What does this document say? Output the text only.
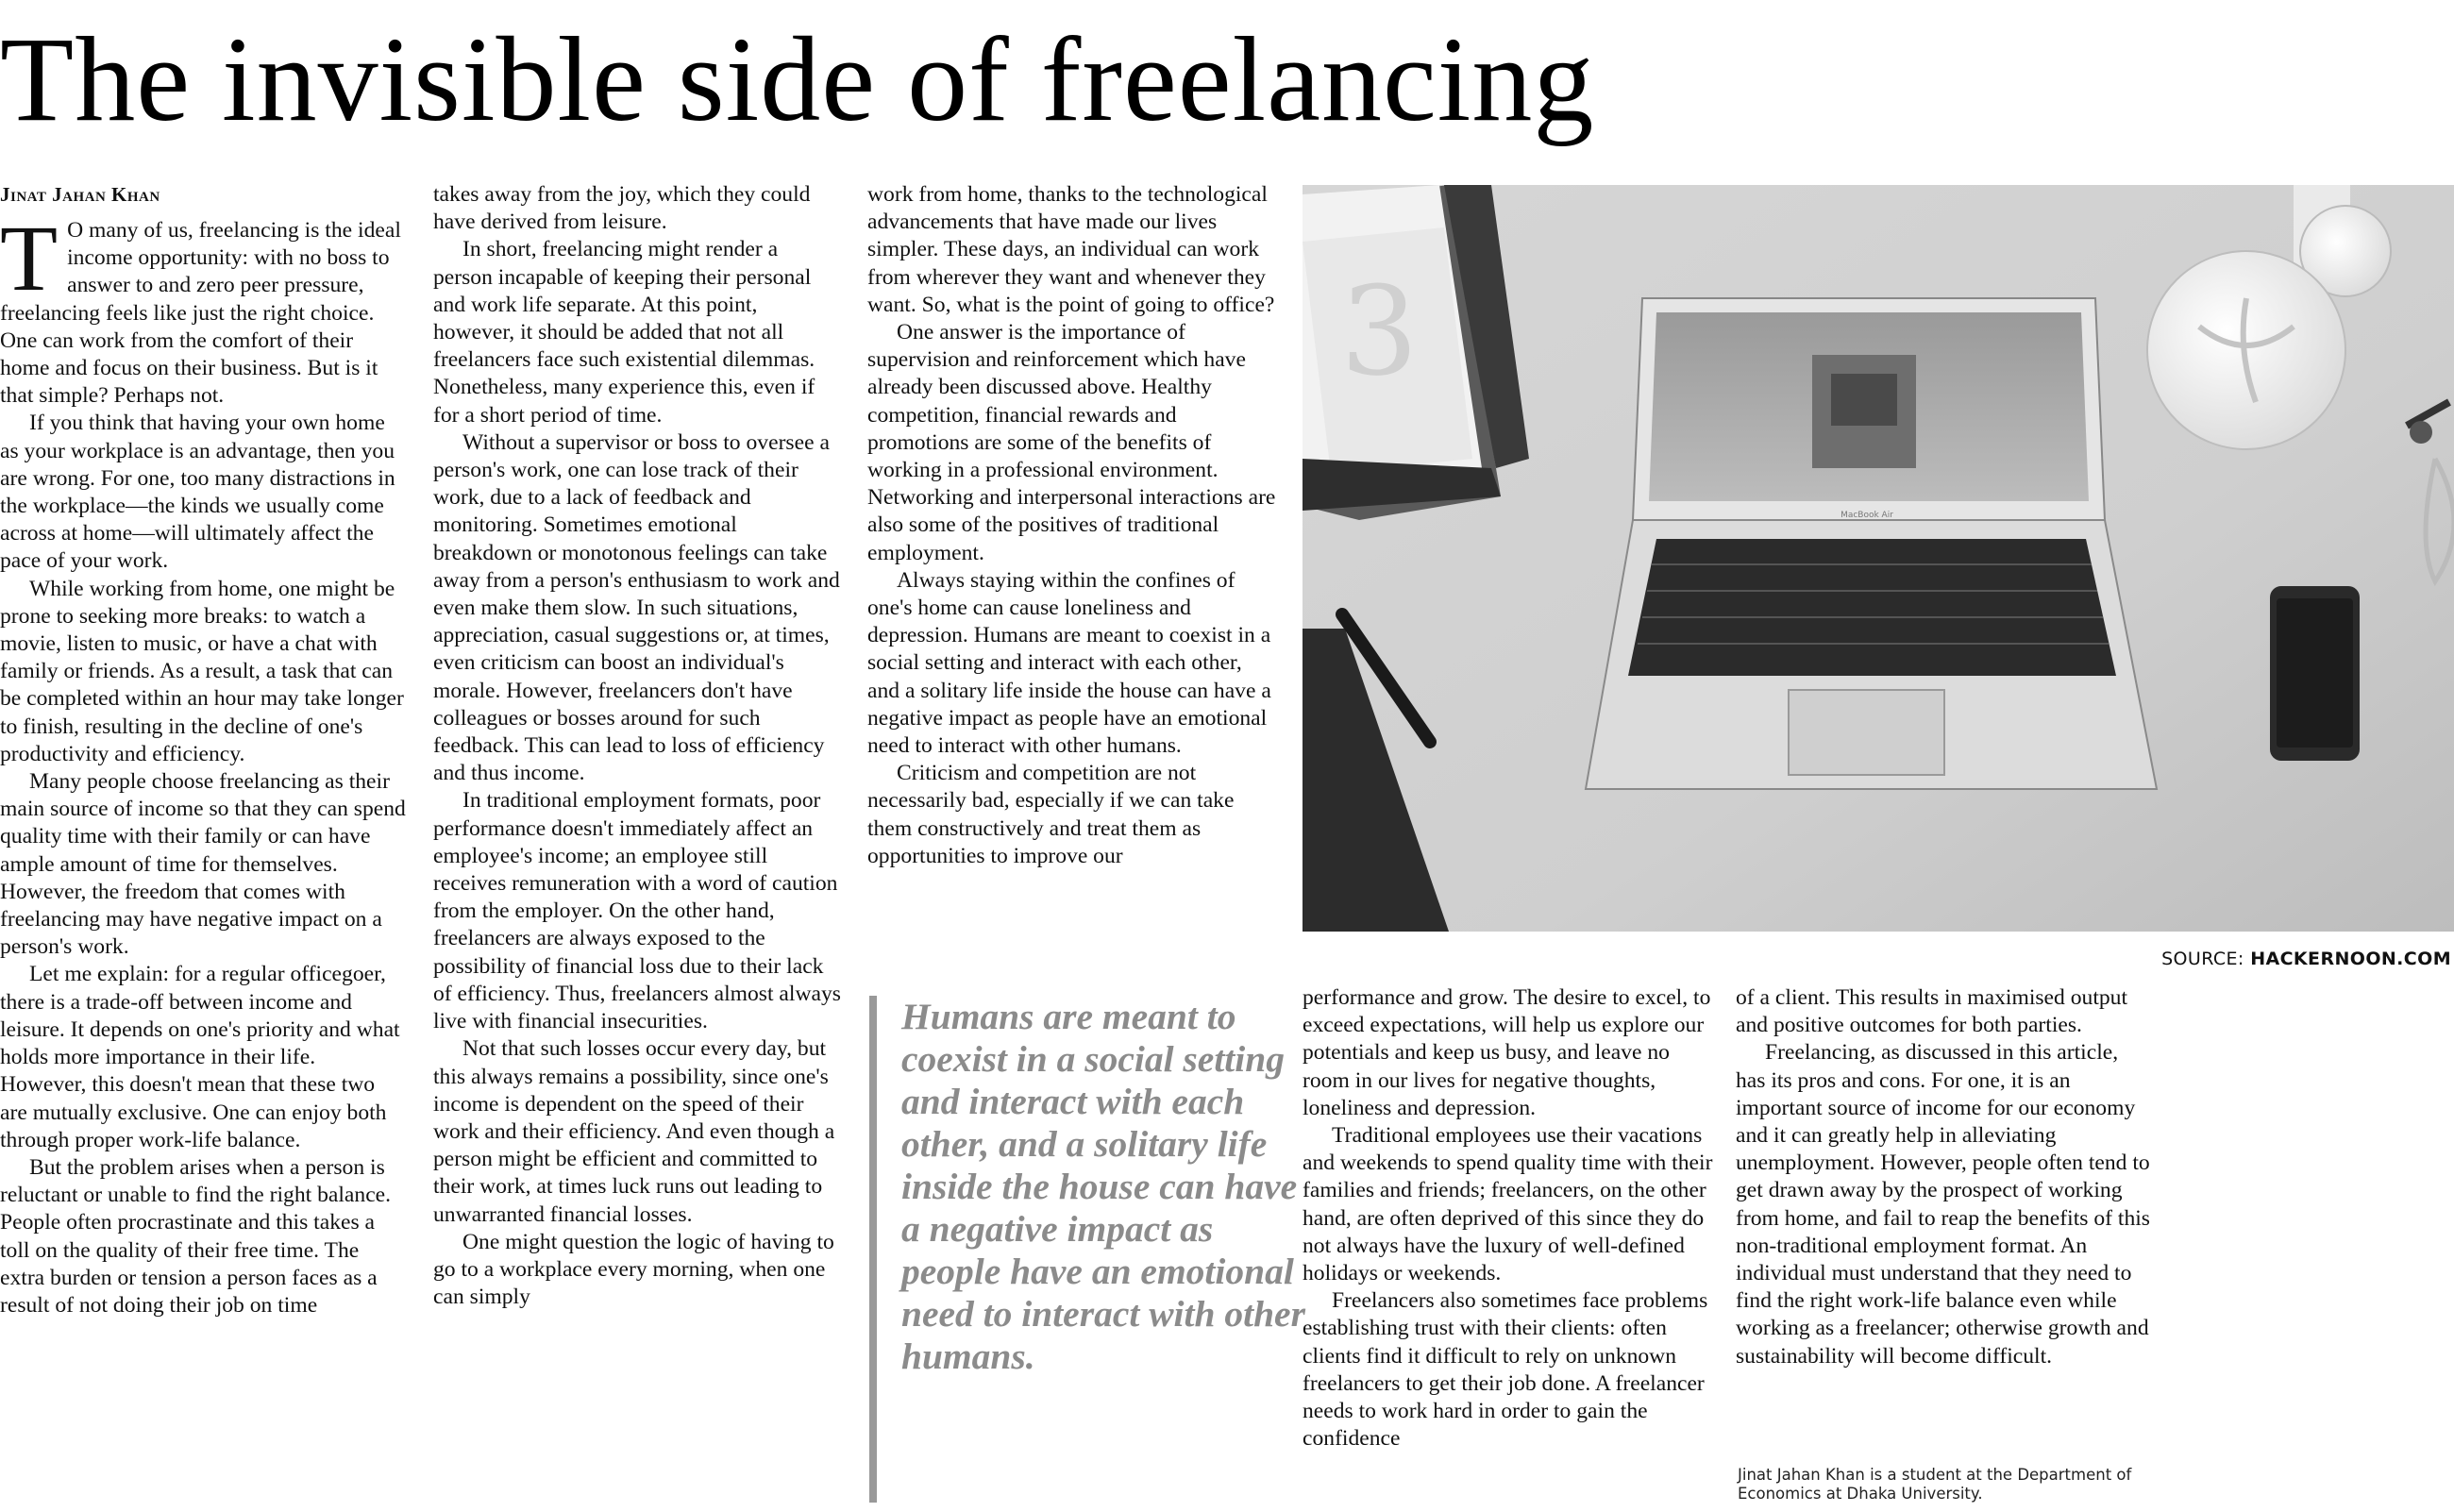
The invisible side of freelancing
Jinat Jahan Khan

T O many of us, freelancing is the ideal income opportunity: with no boss to answer to and zero peer pressure, freelancing feels like just the right choice. One can work from the comfort of their home and focus on their business. But is it that simple? Perhaps not.

If you think that having your own home as your workplace is an advantage, then you are wrong. For one, too many distractions in the workplace—the kinds we usually come across at home—will ultimately affect the pace of your work.

While working from home, one might be prone to seeking more breaks: to watch a movie, listen to music, or have a chat with family or friends. As a result, a task that can be completed within an hour may take longer to finish, resulting in the decline of one's productivity and efficiency.

Many people choose freelancing as their main source of income so that they can spend quality time with their family or can have ample amount of time for themselves. However, the freedom that comes with freelancing may have negative impact on a person's work.

Let me explain: for a regular officegoer, there is a trade-off between income and leisure. It depends on one's priority and what holds more importance in their life. However, this doesn't mean that these two are mutually exclusive. One can enjoy both through proper work-life balance.

But the problem arises when a person is reluctant or unable to find the right balance. People often procrastinate and this takes a toll on the quality of their free time. The extra burden or tension a person faces as a result of not doing their job on time

takes away from the joy, which they could have derived from leisure.

In short, freelancing might render a person incapable of keeping their personal and work life separate. At this point, however, it should be added that not all freelancers face such existential dilemmas. Nonetheless, many experience this, even if for a short period of time.

Without a supervisor or boss to oversee a person's work, one can lose track of their work, due to a lack of feedback and monitoring. Sometimes emotional breakdown or monotonous feelings can take away from a person's enthusiasm to work and even make them slow. In such situations, appreciation, casual suggestions or, at times, even criticism can boost an individual's morale. However, freelancers don't have colleagues or bosses around for such feedback. This can lead to loss of efficiency and thus income.

In traditional employment formats, poor performance doesn't immediately affect an employee's income; an employee still receives remuneration with a word of caution from the employer. On the other hand, freelancers are always exposed to the possibility of financial loss due to their lack of efficiency. Thus, freelancers almost always live with financial insecurities.

Not that such losses occur every day, but this always remains a possibility, since one's income is dependent on the speed of their work and their efficiency. And even though a person might be efficient and committed to their work, at times luck runs out leading to unwarranted financial losses.

One might question the logic of having to go to a workplace every morning, when one can simply

work from home, thanks to the technological advancements that have made our lives simpler. These days, an individual can work from wherever they want and whenever they want. So, what is the point of going to office?

One answer is the importance of supervision and reinforcement which have already been discussed above. Healthy competition, financial rewards and promotions are some of the benefits of working in a professional environment. Networking and interpersonal interactions are also some of the positives of traditional employment.

Always staying within the confines of one's home can cause loneliness and depression. Humans are meant to coexist in a social setting and interact with each other, and a solitary life inside the house can have a negative impact as people have an emotional need to interact with other humans.

Criticism and competition are not necessarily bad, especially if we can take them constructively and treat them as opportunities to improve our

3
MacBook Air
SOURCE: HACKERNOON.COM
Humans are meant to coexist in a social setting and interact with each other, and a solitary life inside the house can have a negative impact as people have an emotional need to interact with other humans.

performance and grow. The desire to excel, to exceed expectations, will help us explore our potentials and keep us busy, and leave no room in our lives for negative thoughts, loneliness and depression.

Traditional employees use their vacations and weekends to spend quality time with their families and friends; freelancers, on the other hand, are often deprived of this since they do not always have the luxury of well-defined holidays or weekends.

Freelancers also sometimes face problems establishing trust with their clients: often clients find it difficult to rely on unknown freelancers to get their job done. A freelancer needs to work hard in order to gain the confidence

of a client. This results in maximised output and positive outcomes for both parties.

Freelancing, as discussed in this article, has its pros and cons. For one, it is an important source of income for our economy and it can greatly help in alleviating unemployment. However, people often tend to get drawn away by the prospect of working from home, and fail to reap the benefits of this non-traditional employment format. An individual must understand that they need to find the right work-life balance even while working as a freelancer; otherwise growth and sustainability will become difficult.

Jinat Jahan Khan is a student at the Department of Economics at Dhaka University.
